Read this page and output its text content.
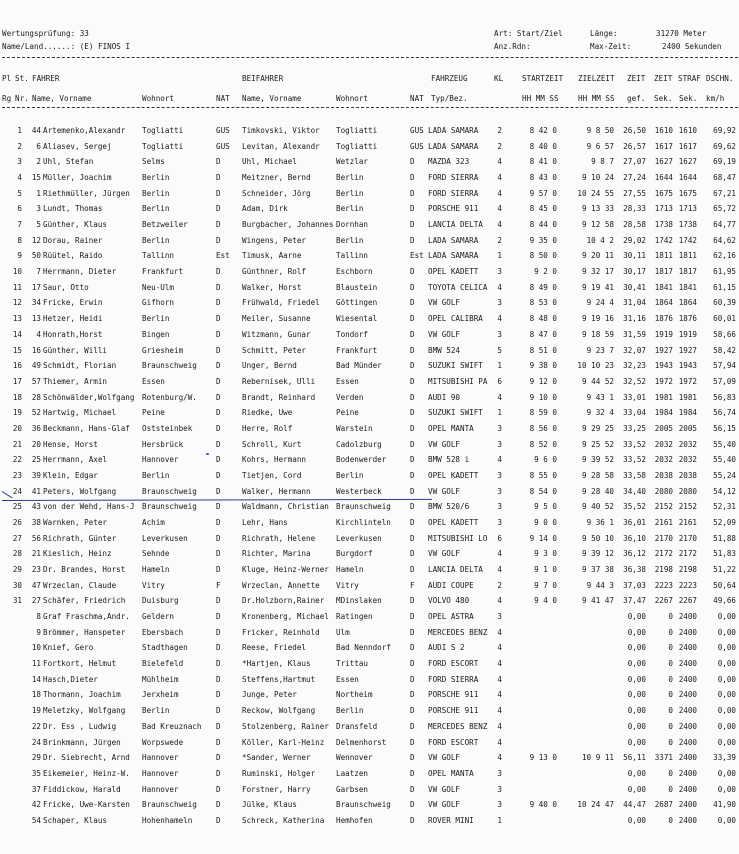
Wertungsprüfung: 33
Name/Land......: (E) FINOS I
Art: Start/Ziel
Anz.Rdn:
Länge:	31270 Meter
Max-Zeit:	2400 Sekunden
Pl St. FAHRER	BEIFAHRER	FAHRZEUG	KL STARTZEIT ZIELZEIT ZEIT ZEIT STRAF DSCHN.
Rg Nr. Name, Vorname	Wohnort	NAT Name, Vorname	Wohnort	NAT Typ/Bez.	HH MM SS	HH MM SS gef. Sek. Sek. km/h
1 44 Artemenko,Alexandr Togliatti	GUS Timkovski, Viktor Togliatti	GUS LADA SAMARA	2	8 42 0	9 8 50 26,50 1610 1610 69,92
2 6 Aliasev, Sergej	Togliatti	GUS Levitan, Alexandr Togliatti	GUS LADA SAMARA	2	8 40 0	9 6 57 26,57 1617 1617 69,62
3 2 Uhl, Stefan	Selms	D	Uhl, Michael	Wetzlar	D MAZDA 323	4	8 41 0	9 8 7 27,07 1627 1627 69,19
4 15 Müller, Joachim	Berlin	D	Meitzner, Bernd	Berlin	D FORD SIERRA	4	8 43 0	9 10 24 27,24 1644 1644 68,47
5 1 Riethmüller, Jürgen Berlin	D	Schneider, Jörg	Berlin	D FORD SIERRA	4	9 57 0	10 24 55 27,55 1675 1675 67,21
6 3 Lundt, Thomas	Berlin	D	Adam, Dirk	Berlin	D PORSCHE 911	4	8 45 0	9 13 33 28,33 1713 1713 65,72
7 5 Günther, Klaus	Betzweiler	D	Burgbacher, Johannes Dornhan	D LANCIA DELTA 4	8 44 0	9 12 58 28,58 1738 1738 64,77
8 12 Dorau, Rainer	Berlin	D	Wingens, Peter	Berlin	D LADA SAMARA	2	9 35 0	10 4 2 29,02 1742 1742 64,62
9 50 Rüütel, Raido	Tallinn	Est Timusk, Aarne	Tallinn	Est LADA SAMARA	1	8 50 0	9 20 11 30,11 1811 1811 62,16
10 7 Herrmann, Dieter	Frankfurt	D	Günthner, Rolf	Eschborn	D OPEL KADETT	3	9 2 0	9 32 17 30,17 1817 1817 61,95
11 17 Saur, Otto	Neu-Ulm	D	Walker, Horst	Blaustein	D TOYOTA CELICA 4	8 49 0	9 19 41 30,41 1841 1841 61,15
12 34 Fricke, Erwin	Gifhorn	D	Frühwald, Friedel Göttingen	D VW GOLF	3	8 53 0	9 24 4 31,04 1864 1864 60,39
13 13 Hetzer, Heidi	Berlin	D	Meiler, Susanne	Wiesental	D OPEL CALIBRA 4	8 48 0	9 19 16 31,16 1876 1876 60,01
14 4 Honrath,Horst	Bingen	D	Witzmann, Gunar	Tondorf	D VW GOLF	3	8 47 0	9 18 59 31,59 1919 1919 58,66
15 16 Günther, Willi	Griesheim	D	Schmitt, Peter	Frankfurt	D BMW 524	5	8 51 0	9 23 7 32,07 1927 1927 58,42
16 49 Schmidt, Florian	Braunschweig	D	Unger, Bernd	Bad Münder	D SUZUKI SWIFT 1	9 38 0	10 10 23 32,23 1943 1943 57,94
17 57 Thiemer, Armin	Essen	D	Rebernisek, Ulli	Essen	D MITSUBISHI PA 6	9 12 0	9 44 52 32,52 1972 1972 57,09
18 28 Schönwälder,Wolfgang Rotenburg/W.	D	Brandt, Reinhard	Verden	D AUDI 90	4	9 10 0	9 43 1 33,01 1981 1981 56,83
19 52 Hartwig, Michael	Peine	D	Riedke, Uwe	Peine	D SUZUKI SWIFT 1	8 59 0	9 32 4 33,04 1984 1984 56,74
20 36 Beckmann, Hans-Glaf Oststeinbek	D	Herre, Rolf	Warstein	D OPEL MANTA	3	8 56 0	9 29 25 33,25 2005 2005 56,15
21 20 Hense, Horst	Hersbrück	D	Schroll, Kurt	Cadolzburg	D VW GOLF	3	8 52 0	9 25 52 33,52 2032 2032 55,40
22 25 Herrmann, Axel	Hannover	D	Kohrs, Hermann	Bodenwerder	D BMW 528 i	4	9 6 0	9 39 52 33,52 2032 2032 55,40
23 39 Klein, Edgar	Berlin	D	Tietjen, Cord	Berlin	D OPEL KADETT	3	8 55 0	9 28 58 33,58 2038 2038 55,24
24 41 Peters, Wolfgang	Braunschweig	D	Walker, Hermann	Westerbeck	D VW GOLF	3	8 54 0	9 28 40 34,40 2080 2080 54,12
25 43 von der Wehd, Hans-J Braunschweig	D	Waldmann, Christian Braunschweig	D BMW 520/6	3	9 5 0	9 40 52 35,52 2152 2152 52,31
26 38 Warnken, Peter	Achim	D	Lehr, Hans	Kirchlinteln	D OPEL KADETT	3	9 0 0	9 36 1 36,01 2161 2161 52,09
27 56 Richrath, Günter	Leverkusen	D	Richrath, Helene	Leverkusen	D MITSUBISHI LO 6	9 14 0	9 50 10 36,10 2170 2170 51,88
28 21 Kieslich, Heinz	Sehnde	D	Richter, Marina	Burgdorf	D VW GOLF	4	9 3 0	9 39 12 36,12 2172 2172 51,83
29 23 Dr. Brandes, Horst Hameln	D	Kluge, Heinz-Werner Hameln	D LANCIA DELTA 4	9 1 0	9 37 38 36,38 2198 2198 51,22
30 47 Wrzeclan, Claude	Vitry	F	Wrzeclan, Annette Vitry	F AUDI COUPE	2	9 7 0	9 44 3 37,03 2223 2223 50,64
31 27 Schäfer, Friedrich Duisburg	D	Dr.Holzborn,Rainer MDinslaken	D VOLVO 480	4	9 4 0	9 41 47 37,47 2267 2267 49,66
8 Graf Fraschma,Andr. Geldern	D	Kronenberg, Michael Ratingen	D OPEL ASTRA	3	0,00	0 2400	0,00
9 Brömmer, Hanspeter Ebersbach	D	Fricker, Reinhold Ulm	D MERCEDES BENZ 4	0,00	0 2400	0,00
10 Knief, Gero	Stadthagen	D	Reese, Friedel	Bad Nenndorf	D AUDI S 2	4	0,00	0 2400	0,00
11 Fortkort, Helmut	Bielefeld	D	*Hartjen, Klaus	Trittau	D FORD ESCORT	4	0,00	0 2400	0,00
14 Hasch,Dieter	Mühlheim	D	Steffens,Hartmut	Essen	D FORD SIERRA	4	0,00	0 2400	0,00
18 Thormann, Joachim	Jerxheim	D	Junge, Peter	Northeim	D PORSCHE 911	4	0,00	0 2400	0,00
19 Meletzky, Wolfgang Berlin	D	Reckow, Wolfgang	Berlin	D PORSCHE 911	4	0,00	0 2400	0,00
22 Dr. Ess , Ludwig	Bad Kreuznach D	Stolzenberg, Rainer Dransfeld	D MERCEDES BENZ 4	0,00	0 2400	0,00
24 Brinkmann, Jürgen	Worpswede	D	Köller, Karl-Heinz Delmenhorst	D FORD ESCORT	4	0,00	0 2400	0,00
29 Dr. Siebrecht, Arnd Hannover	D	*Sander, Werner	Wennover	D VW GOLF	4	9 13 0	10 9 11 56,11 3371 2400 33,39
35 Eikemeier, Heinz-W. Hannover	D	Ruminski, Holger	Laatzen	D OPEL MANTA	3	0,00	0 2400	0,00
37 Fiddickow, Harald	Hannover	D	Forstner, Harry	Garbsen	D VW GOLF	3	0,00	0 2400	0,00
42 Fricke, Uwe-Karsten Braunschweig	D	Jülke, Klaus	Braunschweig	D VW GOLF	3	9 40 0	10 24 47 44,47 2687 2400 41,90
54 Schaper, Klaus	Hohenhameln	D	Schreck, Katherina Hemhofen	D ROVER MINI	1	0,00	0 2400	0,00
